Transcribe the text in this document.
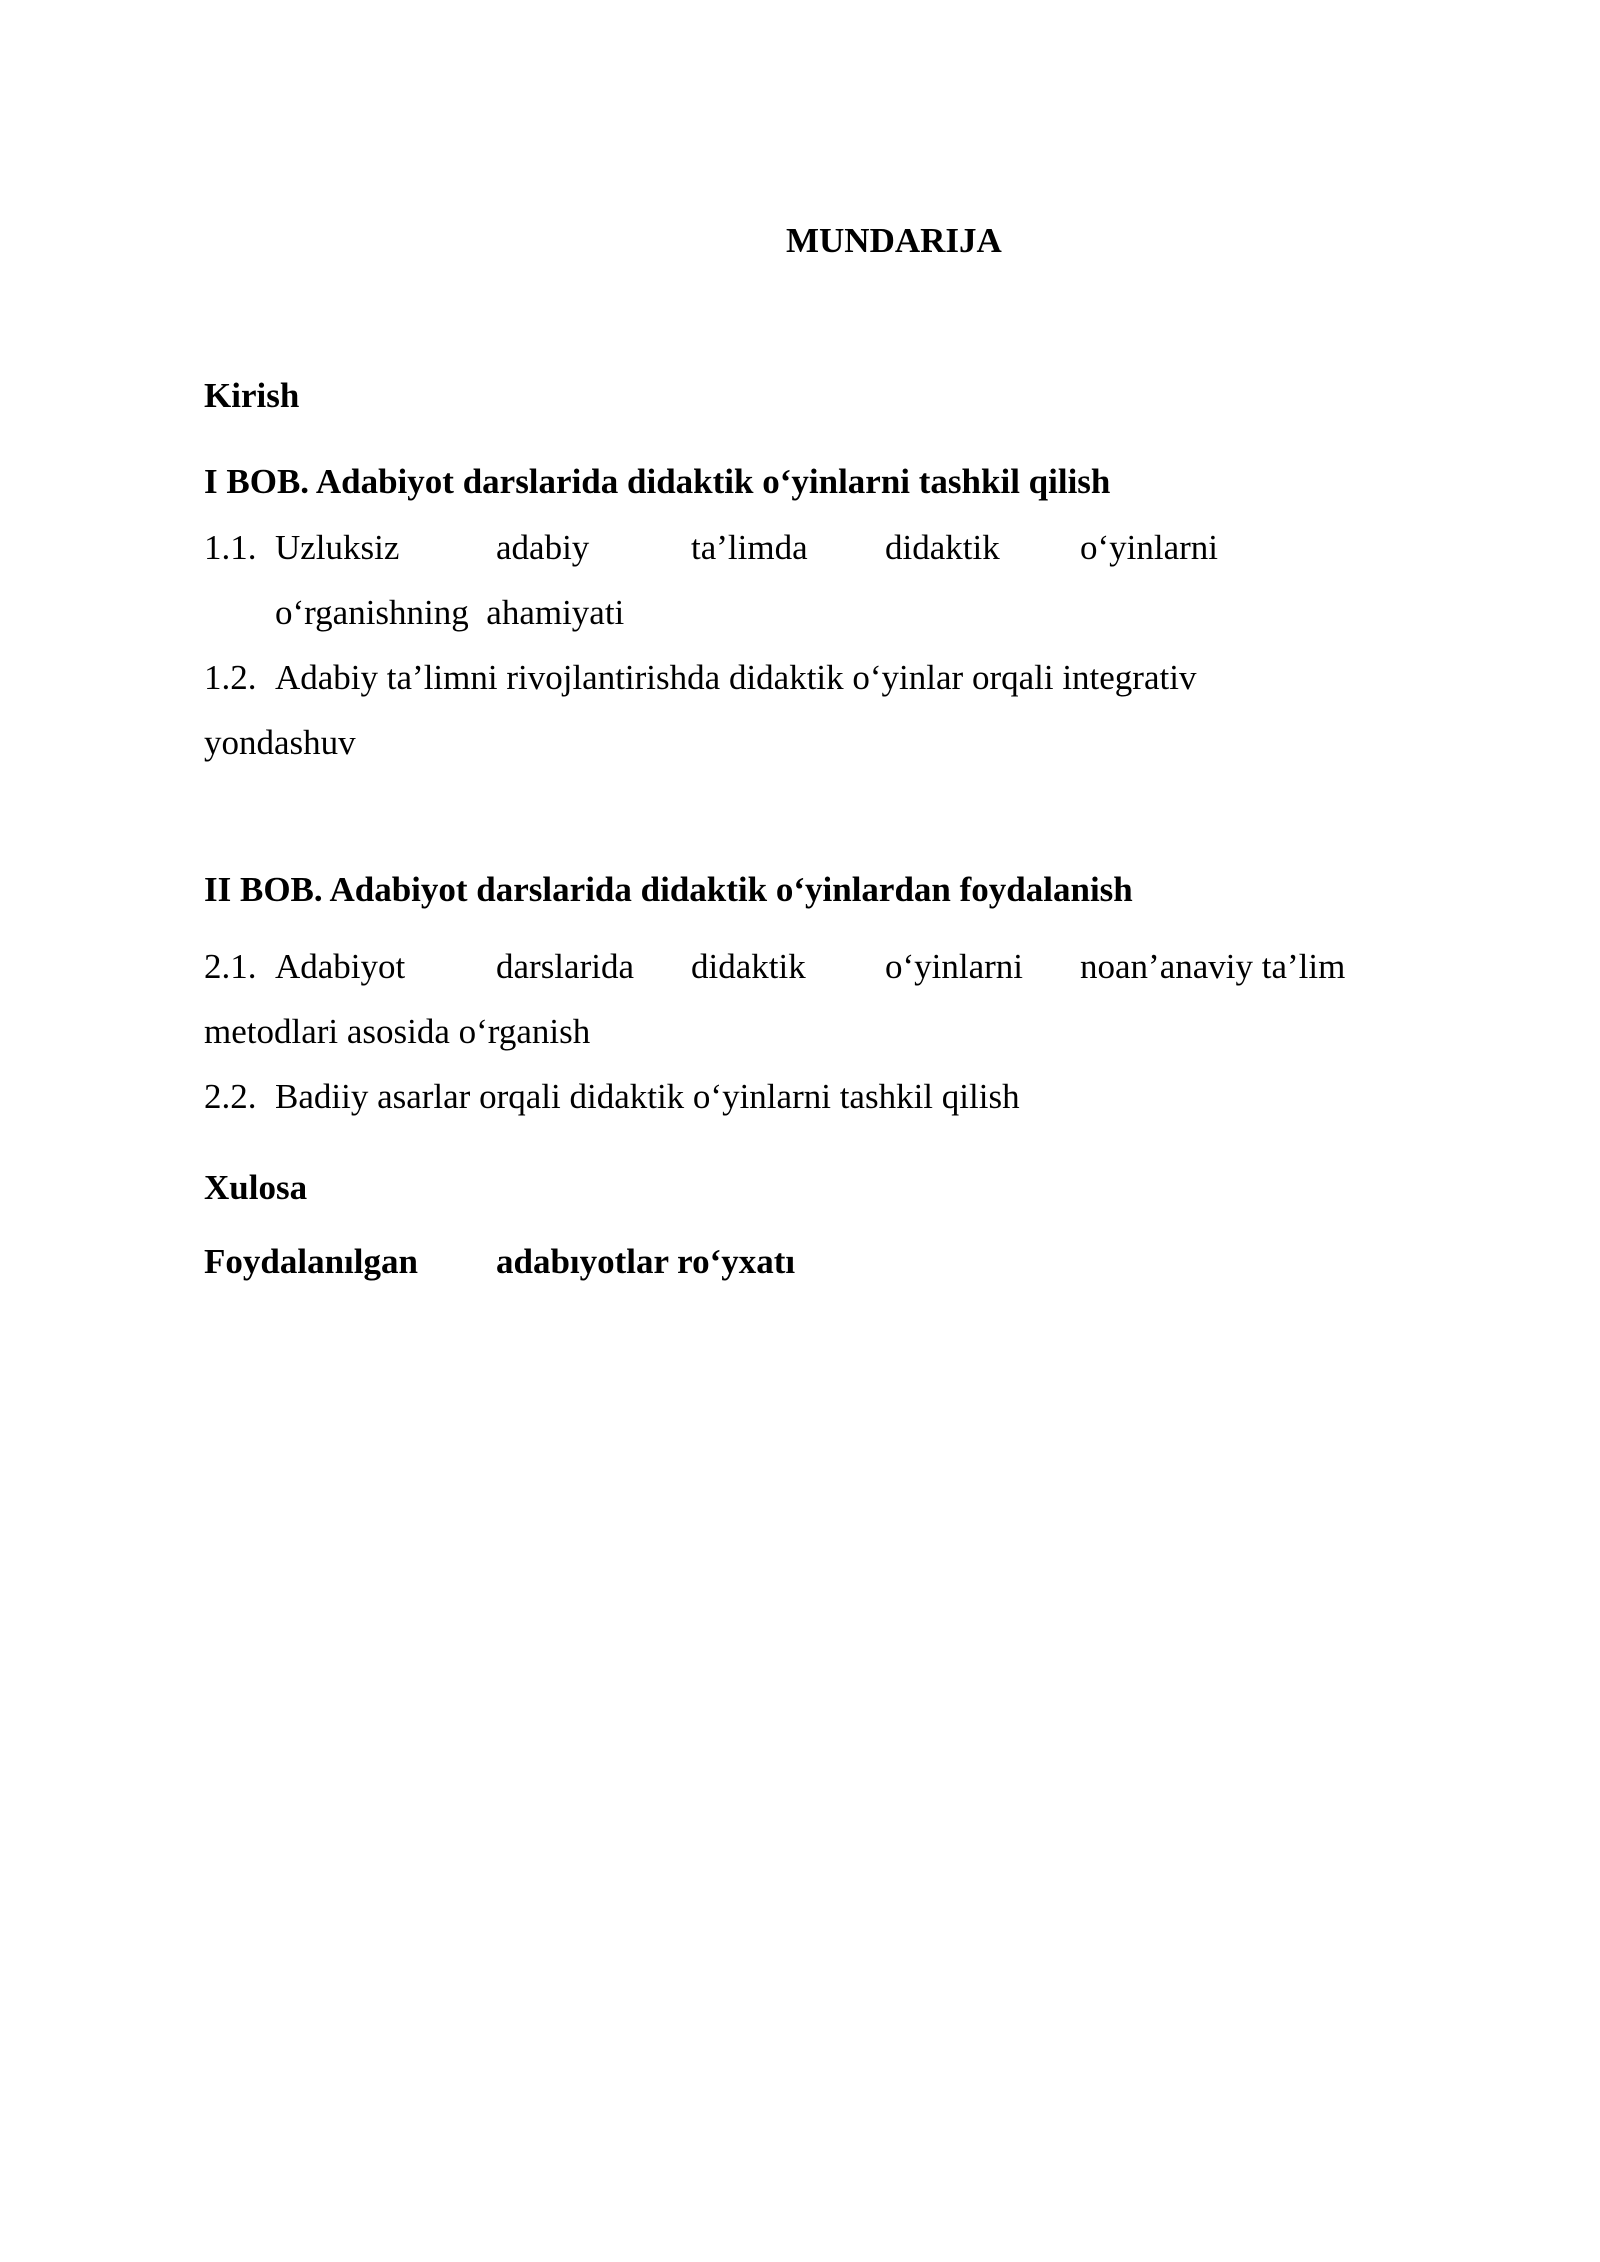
MUNDARIJA
Kirish
I BOB. Adabiyot darslarida didaktik o‘yinlarni tashkil qilish
1.1. Uzluksiz	adabiy	ta’limda didaktik o‘yinlarni
o‘rganishning  ahamiyati
1.2. Adabiy ta’limni rivojlantirishda didaktik o‘yinlar orqali integrativ
yondashuv
II BOB. Adabiyot darslarida didaktik o‘yinlardan foydalanish
2.1. Adabiyot	darslarida didaktik o‘yinlarni noan’anaviy ta’lim
metodlari asosida o‘rganish
2.2. Badiiy asarlar orqali didaktik o‘yinlarni tashkil qilish
Xulosa
Foydalanılgan adabıyotlar ro‘yxatı
